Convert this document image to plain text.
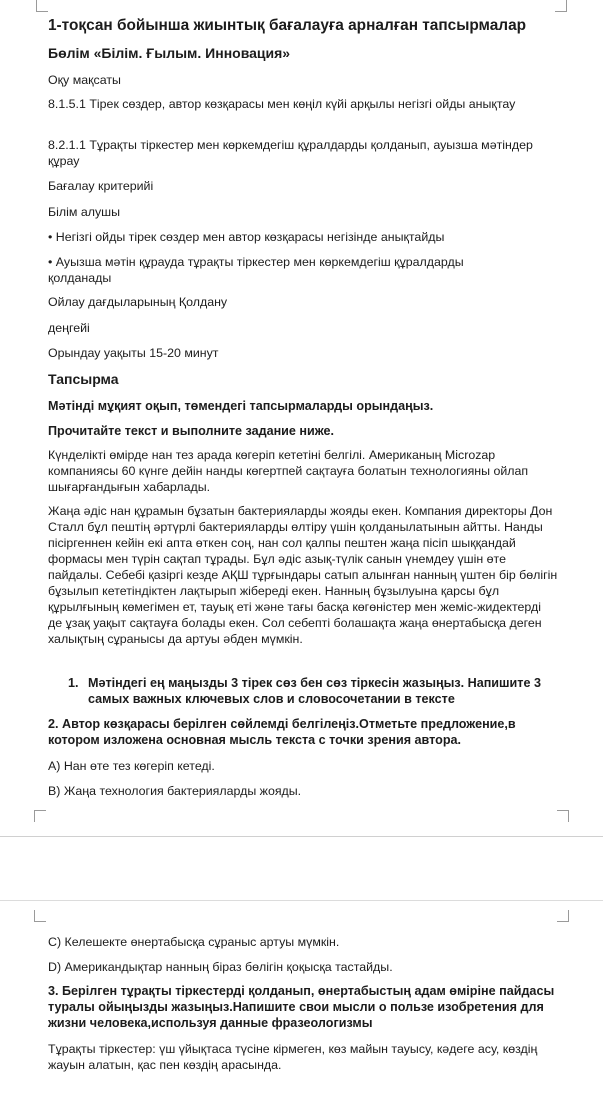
1-тоқсан бойынша жиынтық бағалауға арналған тапсырмалар
Бөлім «Білім. Ғылым. Инновация»
Оқу мақсаты
8.1.5.1 Тірек сөздер, автор көзқарасы мен көңіл күйі арқылы негізгі ойды анықтау
8.2.1.1 Тұрақты тіркестер мен көркемдегіш құралдарды қолданып, ауызша мәтіндер құрау
Бағалау критерийі
Білім алушы
• Негізгі ойды тірек сөздер мен автор көзқарасы негізінде анықтайды
• Ауызша мәтін құрауда тұрақты тіркестер мен көркемдегіш құралдарды қолданады
Ойлау дағдыларының Қолдану
деңгейі
Орындау уақыты 15-20 минут
Тапсырма
Мәтінді мұқият оқып, төмендегі тапсырмаларды орындаңыз.
Прочитайте текст и выполните задание ниже.
Күнделікті өмірде нан тез арада көгеріп кететіні белгілі. Американың Microzap компаниясы 60 күнге дейін нанды көгертпей сақтауға болатын технологияны ойлап шығарғандығын хабарлады.
Жаңа әдіс нан құрамын бұзатын бактерияларды жояды екен. Компания директоры Дон Сталл бұл пештің әртүрлі бактерияларды өлтіру үшін қолданылатынын айтты. Нанды пісіргеннен кейін екі апта өткен соң, нан сол қалпы пештен жаңа пісіп шыққандай формасы мен түрін сақтап тұрады. Бұл әдіс азық-түлік санын үнемдеу үшін өте пайдалы. Себебі қазіргі кезде АҚШ тұрғындары сатып алынған нанның үштен бір бөлігін бұзылып кететіндіктен лақтырып жібереді екен. Нанның бұзылуына қарсы бұл құрылғының көмегімен ет, тауық еті және тағы басқа көгөністер мен жеміс-жидектерді де ұзақ уақыт сақтауға болады екен. Сол себепті болашақта жаңа өнертабысқа деген халықтың сұранысы да артуы әбден мүмкін.
1. Мәтіндегі ең маңызды 3 тірек сөз бен сөз тіркесін жазыңыз. Напишите 3 самых важных ключевых слов и словосочетании в тексте
2. Автор көзқарасы берілген сөйлемді белгілеңіз.Отметьте предложение,в котором изложена основная мысль текста с точки зрения автора.
А) Нан өте тез көгеріп кетеді.
В) Жаңа технология бактерияларды жояды.
С) Келешекте өнертабысқа сұраныс артуы мүмкін.
D) Американдықтар нанның біраз бөлігін қоқысқа тастайды.
3. Берілген тұрақты тіркестерді қолданып, өнертабыстың адам өміріне пайдасы туралы ойыңызды жазыңыз.Напишите свои мысли о пользе изобретения для жизни человека,используя данные фразеологизмы
Тұрақты тіркестер: үш үйықтаса түсіне кірмеген, көз майын тауысу, кәдеге асу, көздің жауын алатын, қас пен көздің арасында.
